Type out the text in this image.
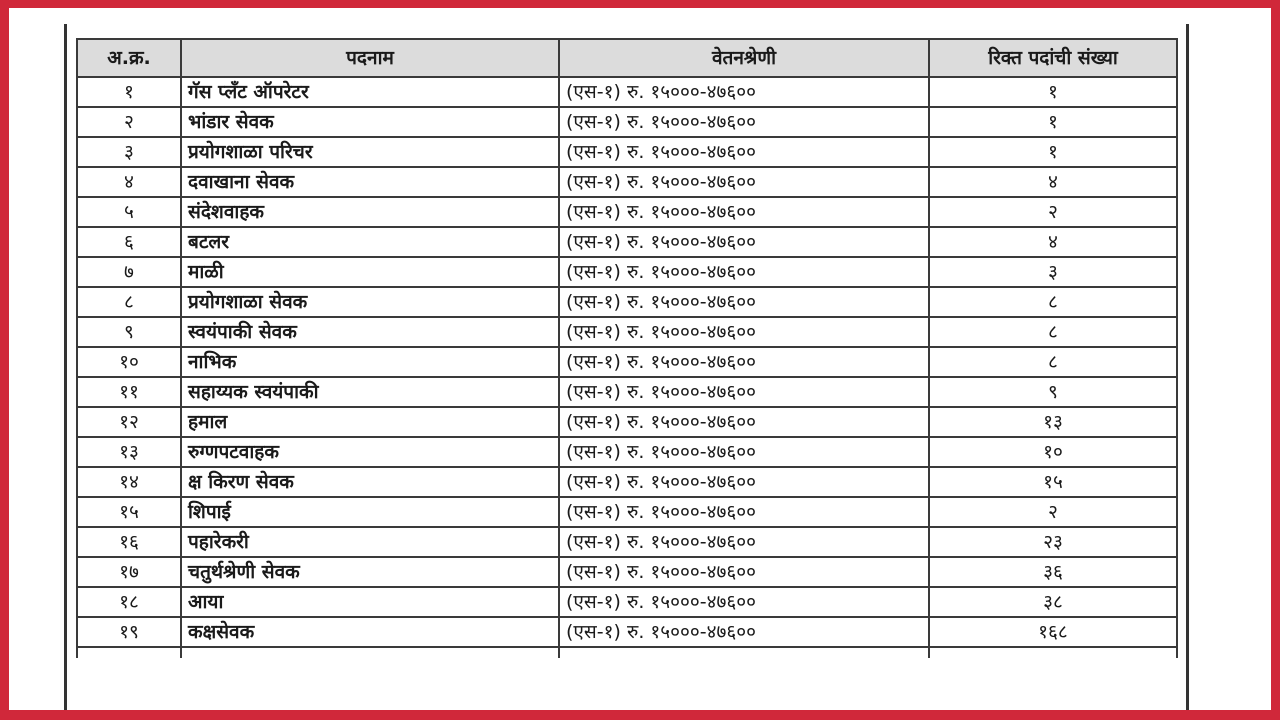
अ.क्र.	पदनाम	वेतनश्रेणी	रिक्त पदांची संख्या
१	गॅस प्लँट ऑपरेटर	(एस-१) रु. १५०००-४७६००	१
२	भांडार सेवक	(एस-१) रु. १५०००-४७६००	१
३	प्रयोगशाळा परिचर	(एस-१) रु. १५०००-४७६००	१
४	दवाखाना सेवक	(एस-१) रु. १५०००-४७६००	४
५	संदेशवाहक	(एस-१) रु. १५०००-४७६००	२
६	बटलर	(एस-१) रु. १५०००-४७६००	४
७	माळी	(एस-१) रु. १५०००-४७६००	३
८	प्रयोगशाळा सेवक	(एस-१) रु. १५०००-४७६००	८
९	स्वयंपाकी सेवक	(एस-१) रु. १५०००-४७६००	८
१०	नाभिक	(एस-१) रु. १५०००-४७६००	८
११	सहाय्यक स्वयंपाकी	(एस-१) रु. १५०००-४७६००	९
१२	हमाल	(एस-१) रु. १५०००-४७६००	१३
१३	रुग्णपटवाहक	(एस-१) रु. १५०००-४७६००	१०
१४	क्ष किरण सेवक	(एस-१) रु. १५०००-४७६००	१५
१५	शिपाई	(एस-१) रु. १५०००-४७६००	२
१६	पहारेकरी	(एस-१) रु. १५०००-४७६००	२३
१७	चतुर्थश्रेणी सेवक	(एस-१) रु. १५०००-४७६००	३६
१८	आया	(एस-१) रु. १५०००-४७६००	३८
१९	कक्षसेवक	(एस-१) रु. १५०००-४७६००	१६८
